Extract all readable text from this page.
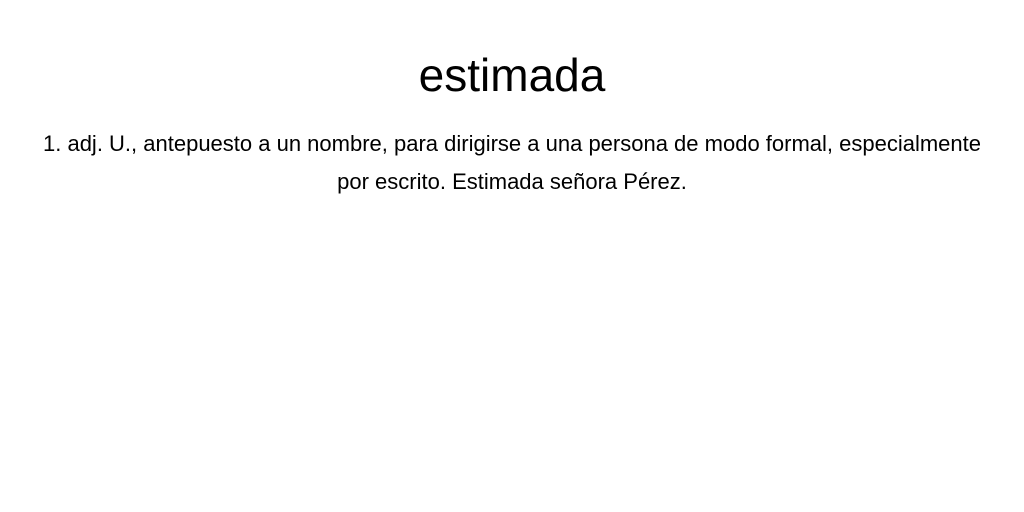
estimada

1. adj. U., antepuesto a un nombre, para dirigirse a una persona de modo formal, especialmente por escrito. Estimada señora Pérez.
